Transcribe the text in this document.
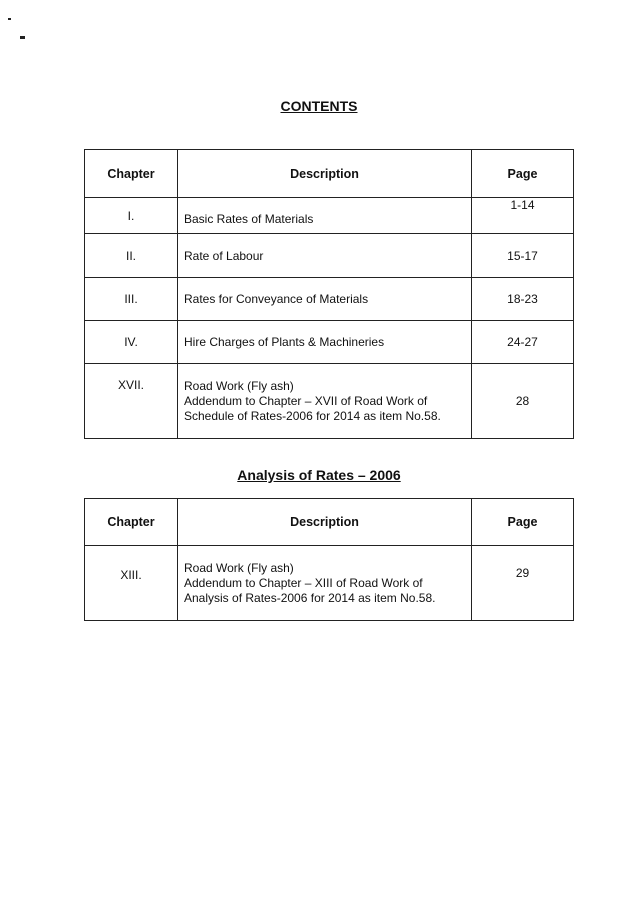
CONTENTS
Chapter	Description	Page
I.	Basic Rates of Materials	1-14
II.	Rate of Labour	15-17
III.	Rates for Conveyance of Materials	18-23
IV.	Hire Charges of Plants & Machineries	24-27
XVII.	Road Work (Fly ash)
Addendum to Chapter – XVII of Road Work of
Schedule of Rates-2006 for 2014 as item No.58.	28
Analysis of Rates – 2006
Chapter	Description	Page
XIII.	Road Work (Fly ash)
Addendum to Chapter – XIII of Road Work of
Analysis of Rates-2006 for 2014 as item No.58.	29
